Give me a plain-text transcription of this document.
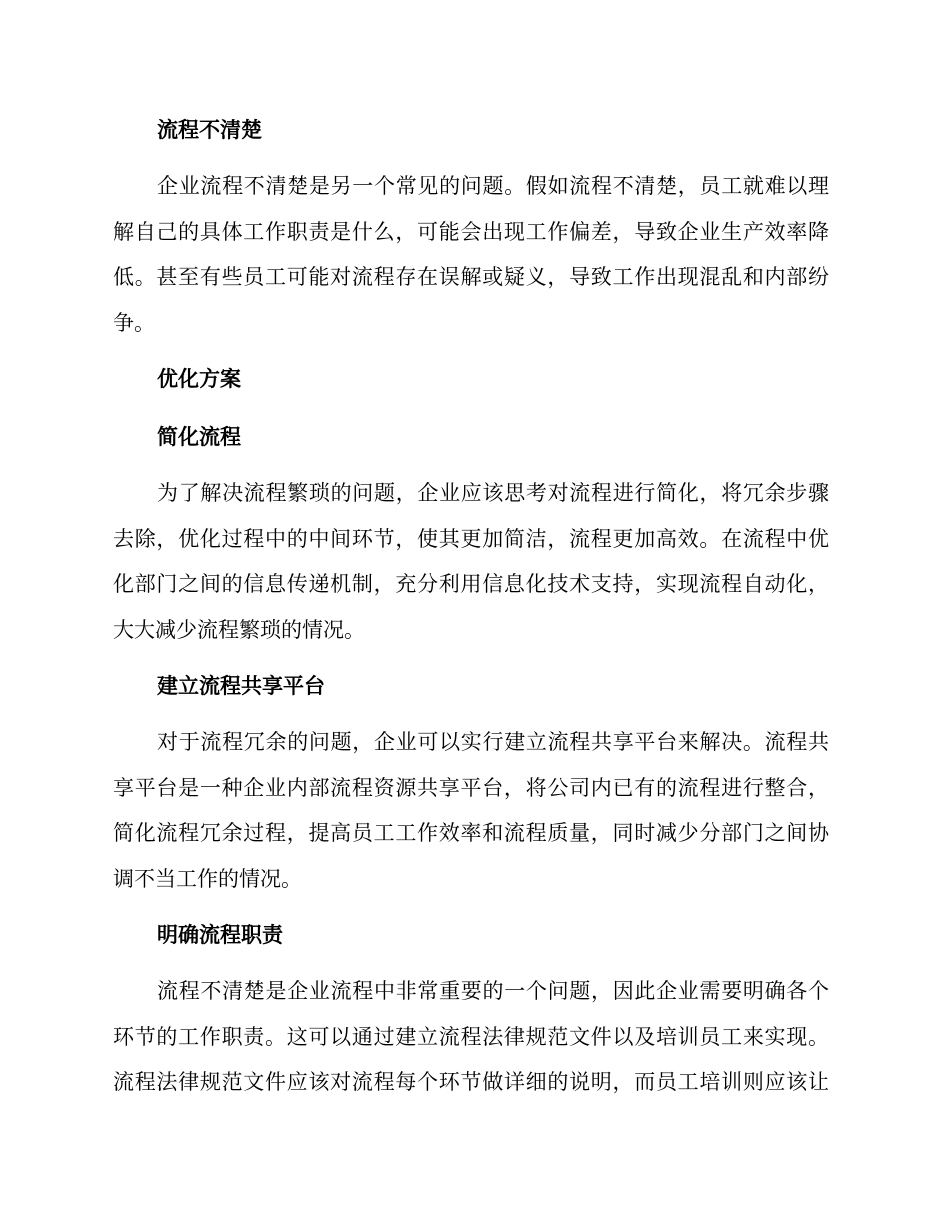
流程不清楚
企业流程不清楚是另一个常见的问题。假如流程不清楚，员工就难以理
解自己的具体工作职责是什么，可能会出现工作偏差，导致企业生产效率降
低。甚至有些员工可能对流程存在误解或疑义，导致工作出现混乱和内部纷
争。
优化方案
简化流程
为了解决流程繁琐的问题，企业应该思考对流程进行简化，将冗余步骤
去除，优化过程中的中间环节，使其更加简洁，流程更加高效。在流程中优
化部门之间的信息传递机制，充分利用信息化技术支持，实现流程自动化，
大大减少流程繁琐的情况。
建立流程共享平台
对于流程冗余的问题，企业可以实行建立流程共享平台来解决。流程共
享平台是一种企业内部流程资源共享平台，将公司内已有的流程进行整合，
简化流程冗余过程，提高员工工作效率和流程质量，同时减少分部门之间协
调不当工作的情况。
明确流程职责
流程不清楚是企业流程中非常重要的一个问题，因此企业需要明确各个
环节的工作职责。这可以通过建立流程法律规范文件以及培训员工来实现。
流程法律规范文件应该对流程每个环节做详细的说明，而员工培训则应该让
